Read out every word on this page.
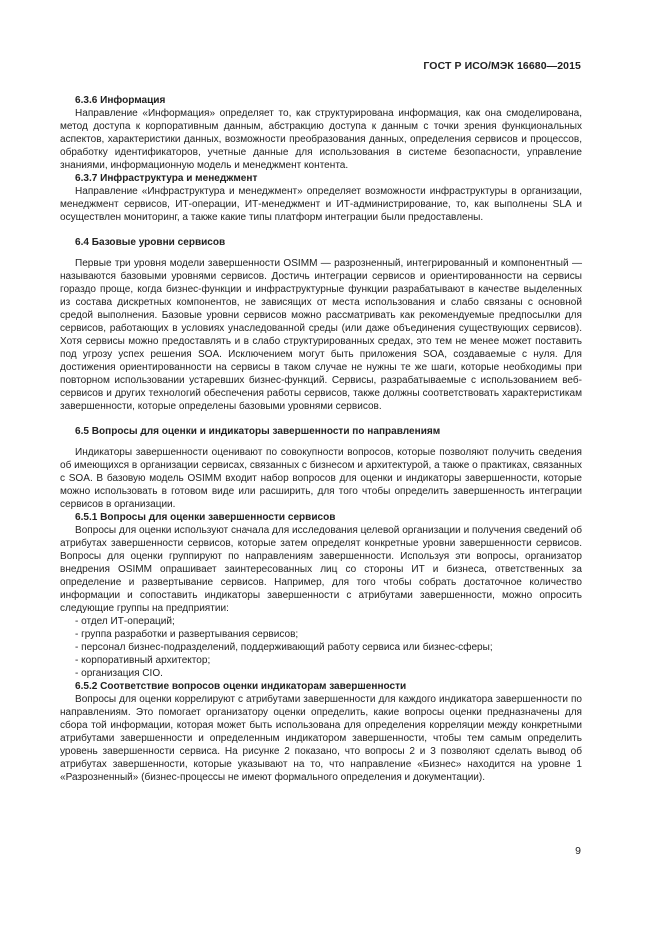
ГОСТ Р ИСО/МЭК 16680—2015
6.3.6 Информация

Направление «Информация» определяет то, как структурирована информация, как она смоделирована, метод доступа к корпоративным данным, абстракцию доступа к данным с точки зрения функциональных аспектов, характеристики данных, возможности преобразования данных, определения сервисов и процессов, обработку идентификаторов, учетные данные для использования в системе безопасности, управление знаниями, информационную модель и менеджмент контента.

6.3.7 Инфраструктура и менеджмент

Направление «Инфраструктура и менеджмент» определяет возможности инфраструктуры в организации, менеджмент сервисов, ИТ-операции, ИТ-менеджмент и ИТ-администрирование, то, как выполнены SLA и осуществлен мониторинг, а также какие типы платформ интеграции были предоставлены.

6.4 Базовые уровни сервисов

Первые три уровня модели завершенности OSIMM — разрозненный, интегрированный и компонентный — называются базовыми уровнями сервисов. Достичь интеграции сервисов и ориентированности на сервисы гораздо проще, когда бизнес-функции и инфраструктурные функции разрабатывают в качестве выделенных из состава дискретных компонентов, не зависящих от места использования и слабо связаны с основной средой выполнения. Базовые уровни сервисов можно рассматривать как рекомендуемые предпосылки для сервисов, работающих в условиях унаследованной среды (или даже объединения существующих сервисов). Хотя сервисы можно предоставлять и в слабо структурированных средах, это тем не менее может поставить под угрозу успех решения SOA. Исключением могут быть приложения SOA, создаваемые с нуля. Для достижения ориентированности на сервисы в таком случае не нужны те же шаги, которые необходимы при повторном использовании устаревших бизнес-функций. Сервисы, разрабатываемые с использованием веб-сервисов и других технологий обеспечения работы сервисов, также должны соответствовать характеристикам завершенности, которые определены базовыми уровнями сервисов.

6.5 Вопросы для оценки и индикаторы завершенности по направлениям

Индикаторы завершенности оценивают по совокупности вопросов, которые позволяют получить сведения об имеющихся в организации сервисах, связанных с бизнесом и архитектурой, а также о практиках, связанных с SOA. В базовую модель OSIMM входит набор вопросов для оценки и индикаторы завершенности, которые можно использовать в готовом виде или расширить, для того чтобы определить завершенность интеграции сервисов в организации.

6.5.1 Вопросы для оценки завершенности сервисов

Вопросы для оценки используют сначала для исследования целевой организации и получения сведений об атрибутах завершенности сервисов, которые затем определят конкретные уровни завершенности сервисов. Вопросы для оценки группируют по направлениям завершенности. Используя эти вопросы, организатор внедрения OSIMM опрашивает заинтересованных лиц со стороны ИТ и бизнеса, ответственных за определение и развертывание сервисов. Например, для того чтобы собрать достаточное количество информации и сопоставить индикаторы завершенности с атрибутами завершенности, можно опросить следующие группы на предприятии:

- отдел ИТ-операций;
- группа разработки и развертывания сервисов;
- персонал бизнес-подразделений, поддерживающий работу сервиса или бизнес-сферы;
- корпоративный архитектор;
- организация CIO.
6.5.2 Соответствие вопросов оценки индикаторам завершенности

Вопросы для оценки коррелируют с атрибутами завершенности для каждого индикатора завершенности по направлениям. Это помогает организатору оценки определить, какие вопросы оценки предназначены для сбора той информации, которая может быть использована для определения корреляции между конкретными атрибутами завершенности и определенным индикатором завершенности, чтобы тем самым определить уровень завершенности сервиса. На рисунке 2 показано, что вопросы 2 и 3 позволяют сделать вывод об атрибутах завершенности, которые указывают на то, что направление «Бизнес» находится на уровне 1 «Разрозненный» (бизнес-процессы не имеют формального определения и документации).

9
